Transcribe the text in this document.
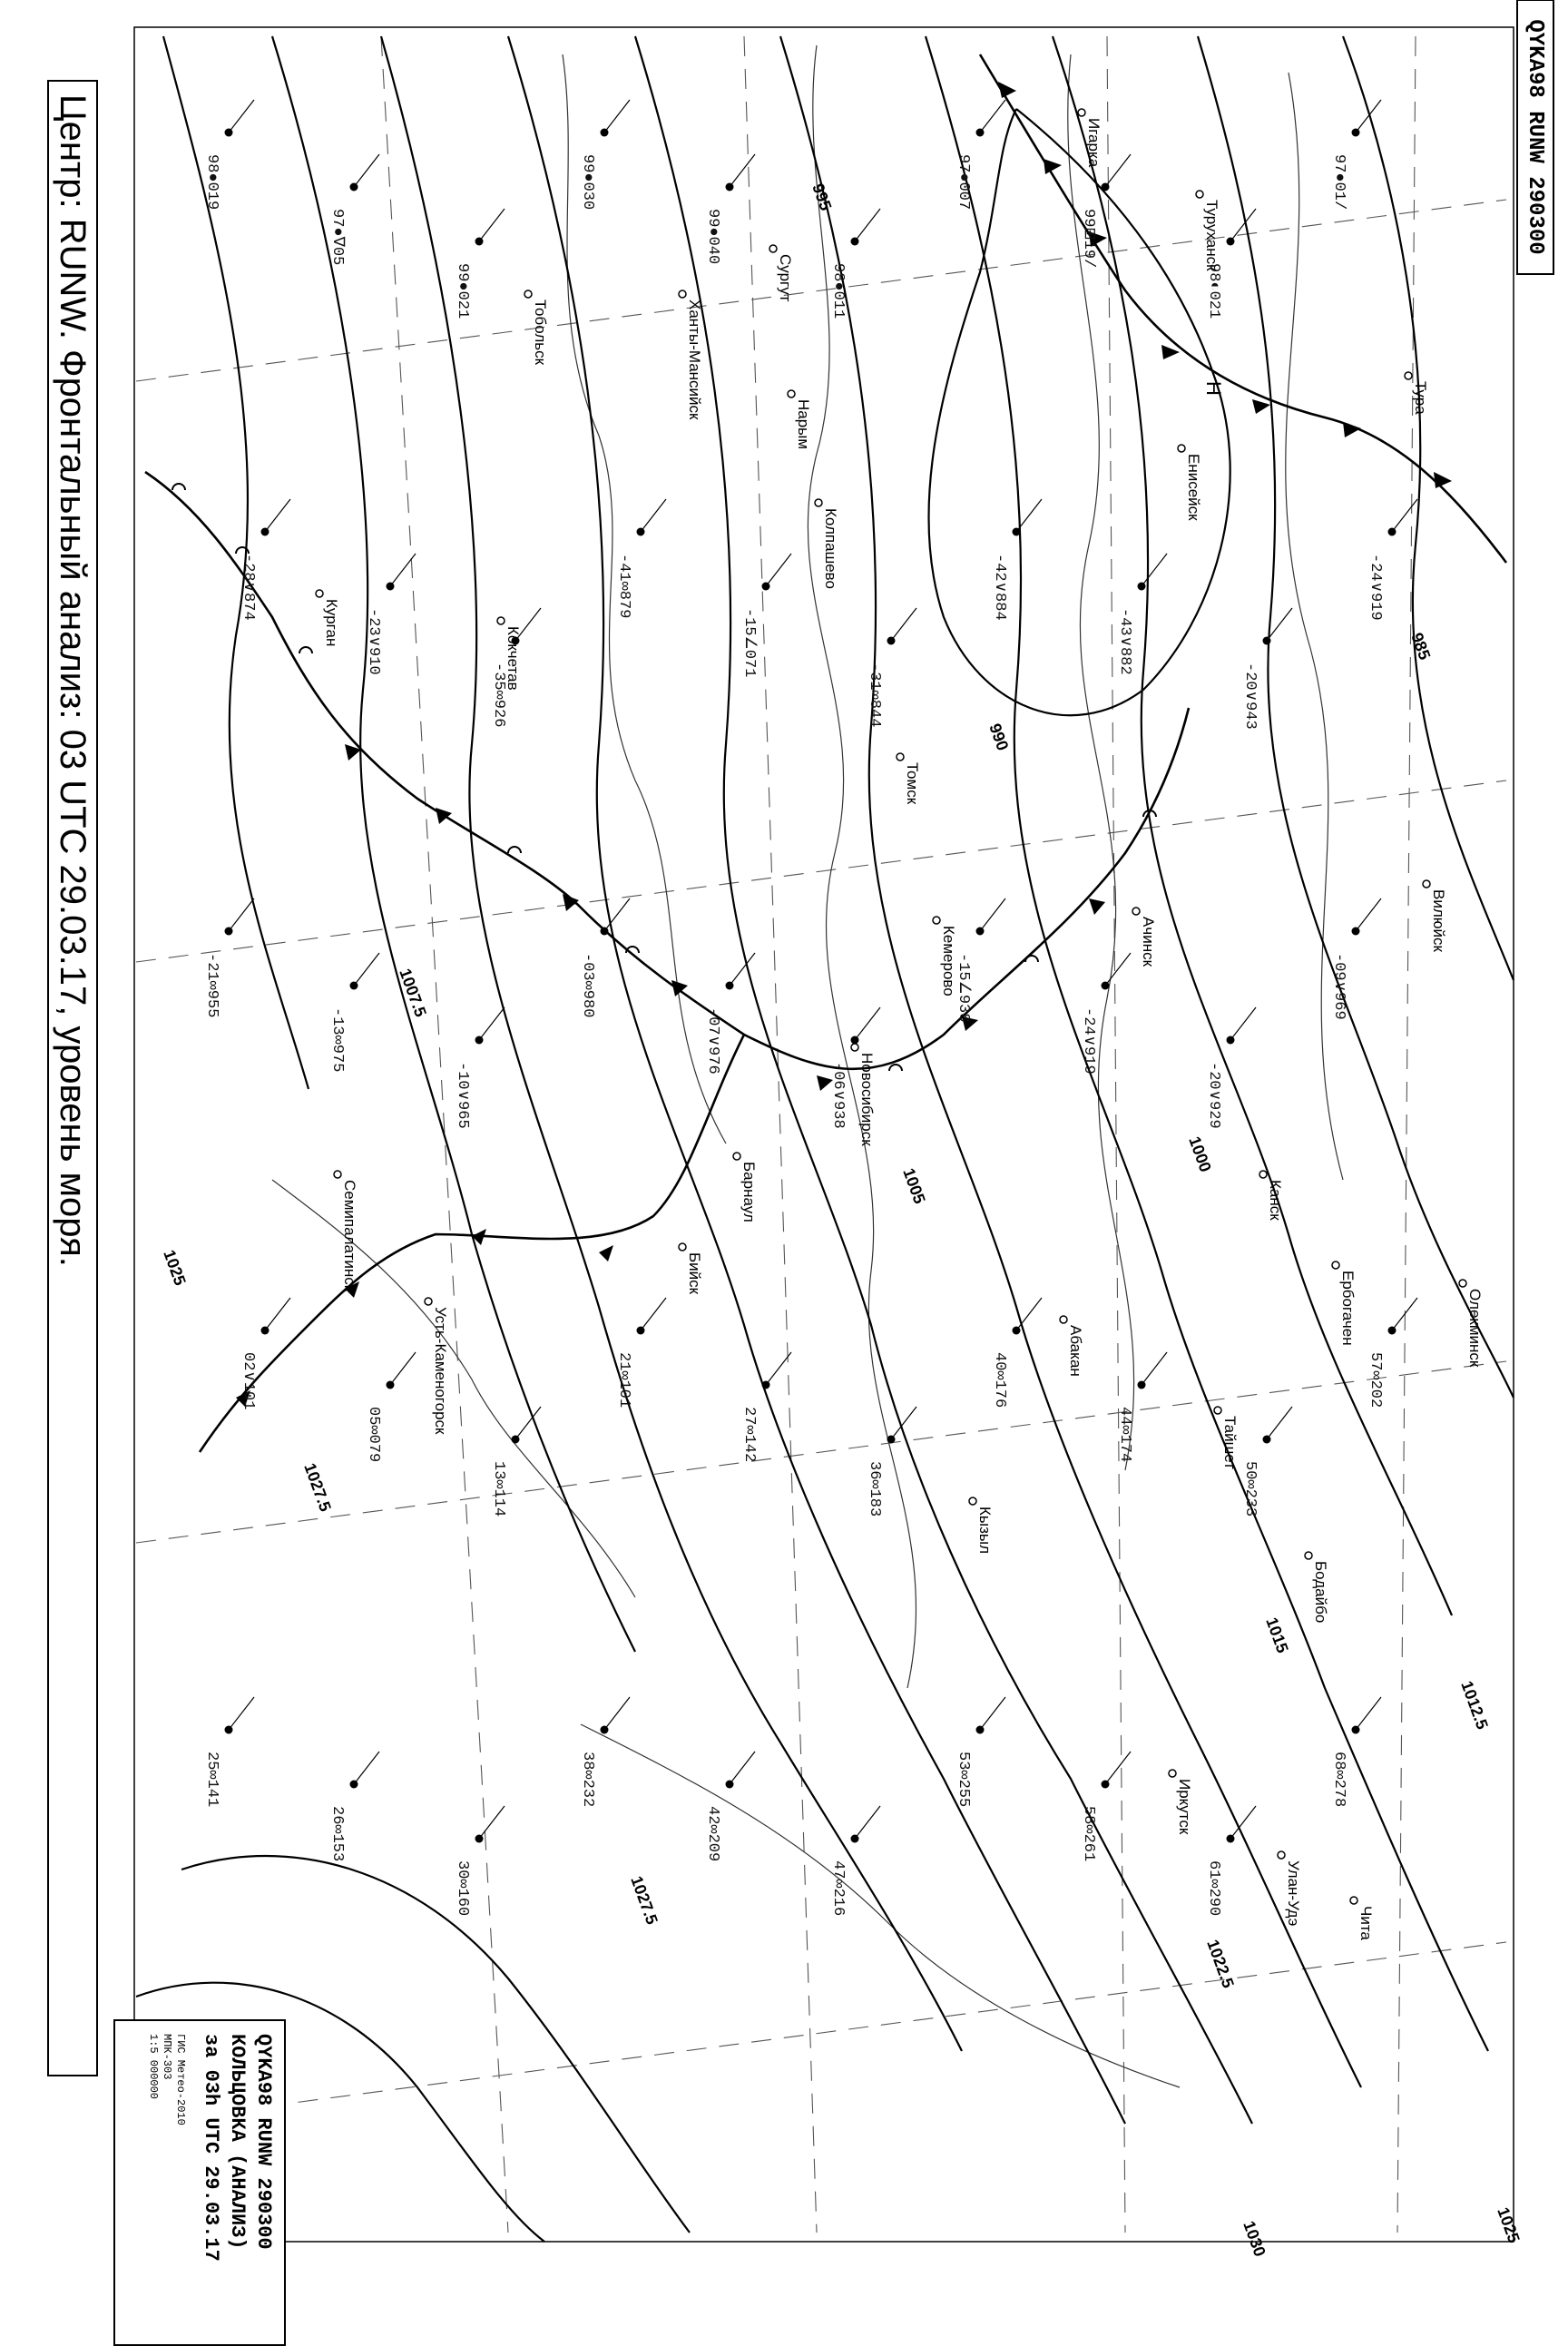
1000
1005
1007.5
1012.5
1015
1022.5
1025
1027.5
1030
1027.5
1025
985
990
995
98●019
97●∇05
99●021
99●030
99●040
98●011
97●007
99⊞19/
98◐021
97●01/
-28∨874
-23∨910
-35∞926
-41∞879
-15∠071
-31∞844
-42∨884
-43∨882
-20∨943
-24∨919
-21∞955
-13∞975
-10∨965
-03∞980
-07∨976
-06∨938
-15∠938
-24∨919
-20∨929
-09∨969
02∨101
05∞079
13∞114
21∞101
27∞142
36∞183
40∞176
44∞174
50∞233
57∞202
25∞141
26∞153
30∞160
38∞232
42∞209
47∞216
53∞255
58∞261
61∞290
68∞278
Курган
Кокчетав
Семипалатинск
Усть-Каменогорск
Бийск
Барнаул
Новосибирск
Кемерово
Томск
Колпашево
Нарым
Енисейск
Игарка
Туруханск
Тобольск	Ханты-Мансийск
Сургут
Ачинск
Канск
Кызыл
Абакан
Тура
Вилюйск
Олекминск
Тайшет
Бодайбо
Ербогачен
Иркутск
Чита
Улан-Удэ
Н
Центр: RUNW. Фронтальный анализ: 03 UTC 29.03.17, уровень моря.	QYKA98 RUNW 290300
QYKA98 RUNW 290300
КОЛЬЦОВКА (АНАЛИЗ)
за 03h UTC 29.03.17
ГИС Метео-2010
МПК-303
1:5 000000
